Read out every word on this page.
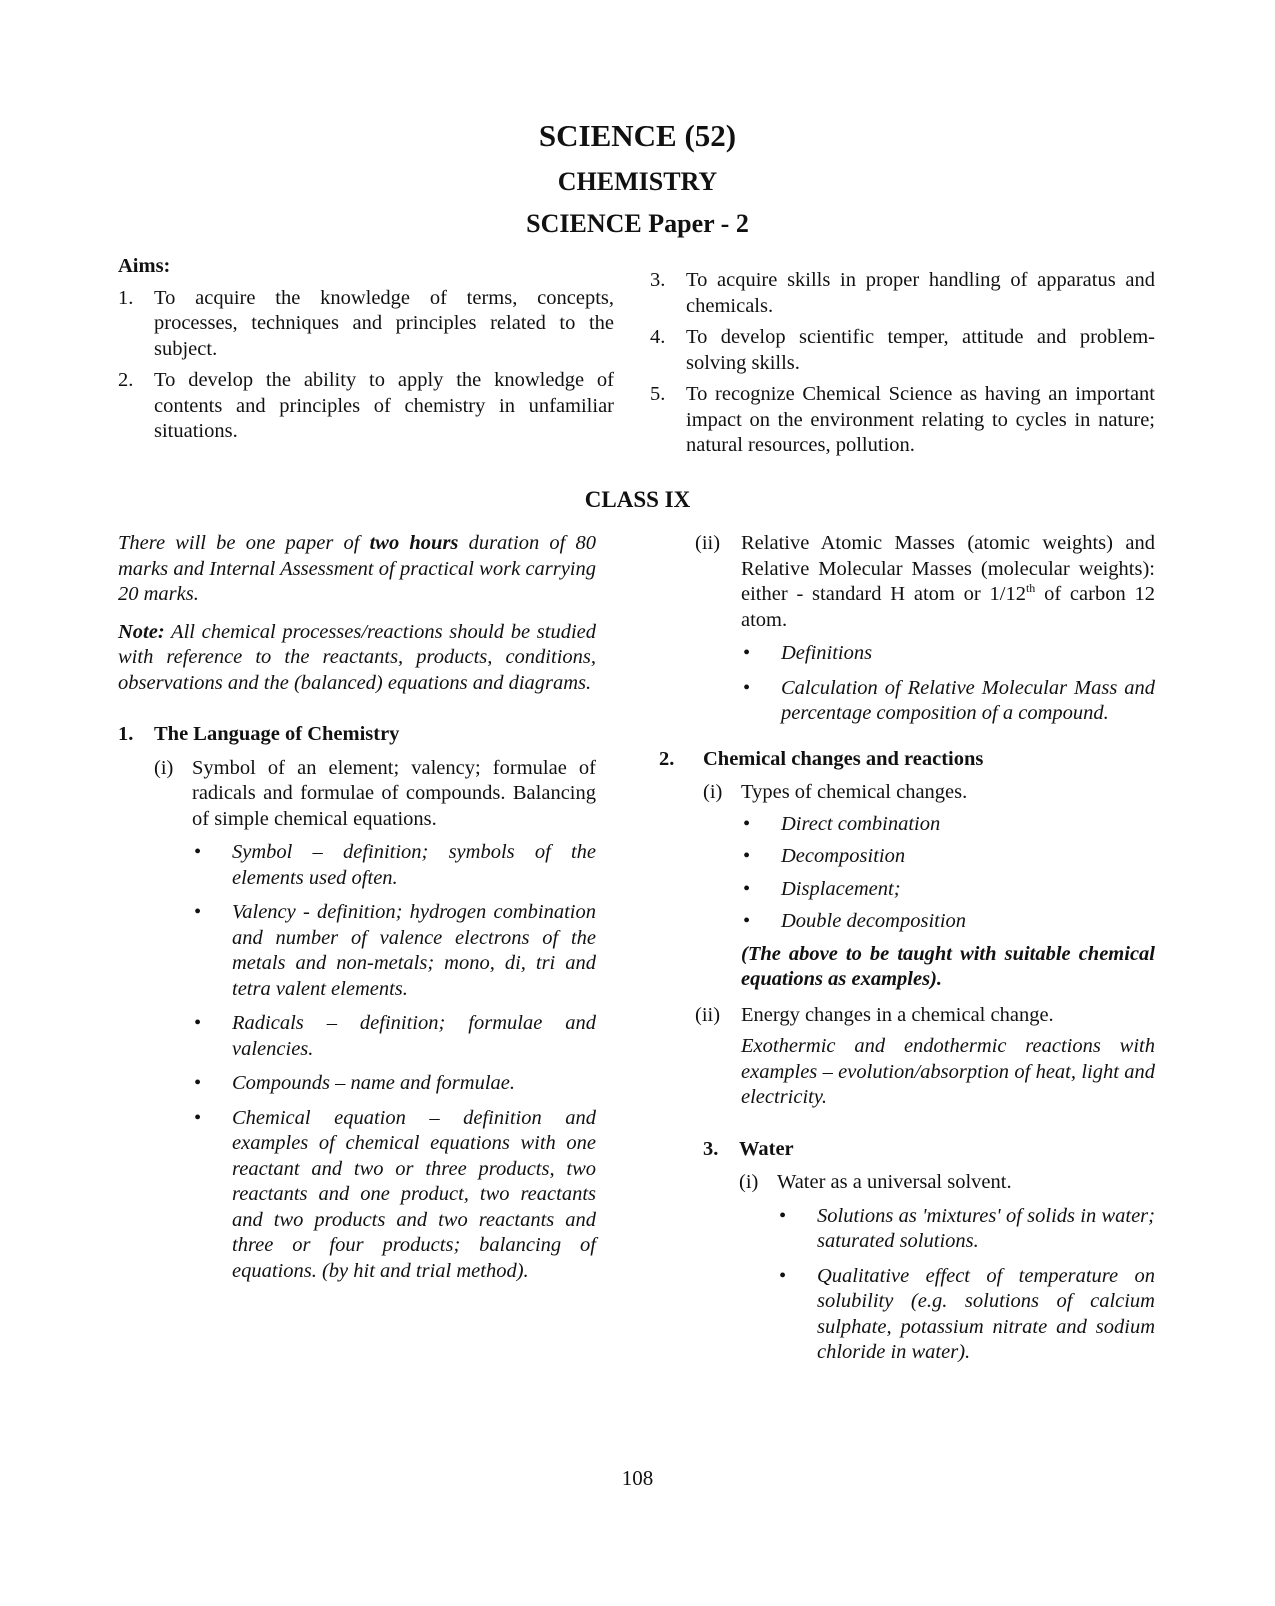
SCIENCE (52)
CHEMISTRY
SCIENCE Paper - 2
Aims:
1.	To acquire the knowledge of terms, concepts, processes, techniques and principles related to the subject.
2.	To develop the ability to apply the knowledge of contents and principles of chemistry in unfamiliar situations.
3.	To acquire skills in proper handling of apparatus and chemicals.
4.	To develop scientific temper, attitude and problem-solving skills.
5.	To recognize Chemical Science as having an important impact on the environment relating to cycles in nature; natural resources, pollution.
CLASS IX

There will be one paper of two hours duration of 80 marks and Internal Assessment of practical work carrying 20 marks.

Note: All chemical processes/reactions should be studied with reference to the reactants, products, conditions, observations and the (balanced) equations and diagrams.

1.	The Language of Chemistry
(i) Symbol of an element; valency; formulae of radicals and formulae of compounds. Balancing of simple chemical equations.
•	Symbol – definition; symbols of the elements used often.
•	Valency - definition; hydrogen combination and number of valence electrons of the metals and non-metals; mono, di, tri and tetra valent elements.
•	Radicals – definition; formulae and valencies.
•	Compounds – name and formulae.
•	Chemical equation – definition and examples of chemical equations with one reactant and two or three products, two reactants and one product, two reactants and two products and two reactants and three or four products; balancing of equations. (by hit and trial method).
(ii)	Relative Atomic Masses (atomic weights) and Relative Molecular Masses (molecular weights): either - standard H atom or 1/12th of carbon 12 atom.
•	Definitions
•	Calculation of Relative Molecular Mass and percentage composition of a compound.
2.	Chemical changes and reactions
(i) Types of chemical changes.
•	Direct combination
•	Decomposition
•	Displacement;
•	Double decomposition

(The above to be taught with suitable chemical equations as examples).

(ii)	Energy changes in a chemical change.

Exothermic and endothermic reactions with examples – evolution/absorption of heat, light and electricity.

3.	Water
(i) Water as a universal solvent.
•	Solutions as 'mixtures' of solids in water; saturated solutions.
•	Qualitative effect of temperature on solubility (e.g. solutions of calcium sulphate, potassium nitrate and sodium chloride in water).
108
